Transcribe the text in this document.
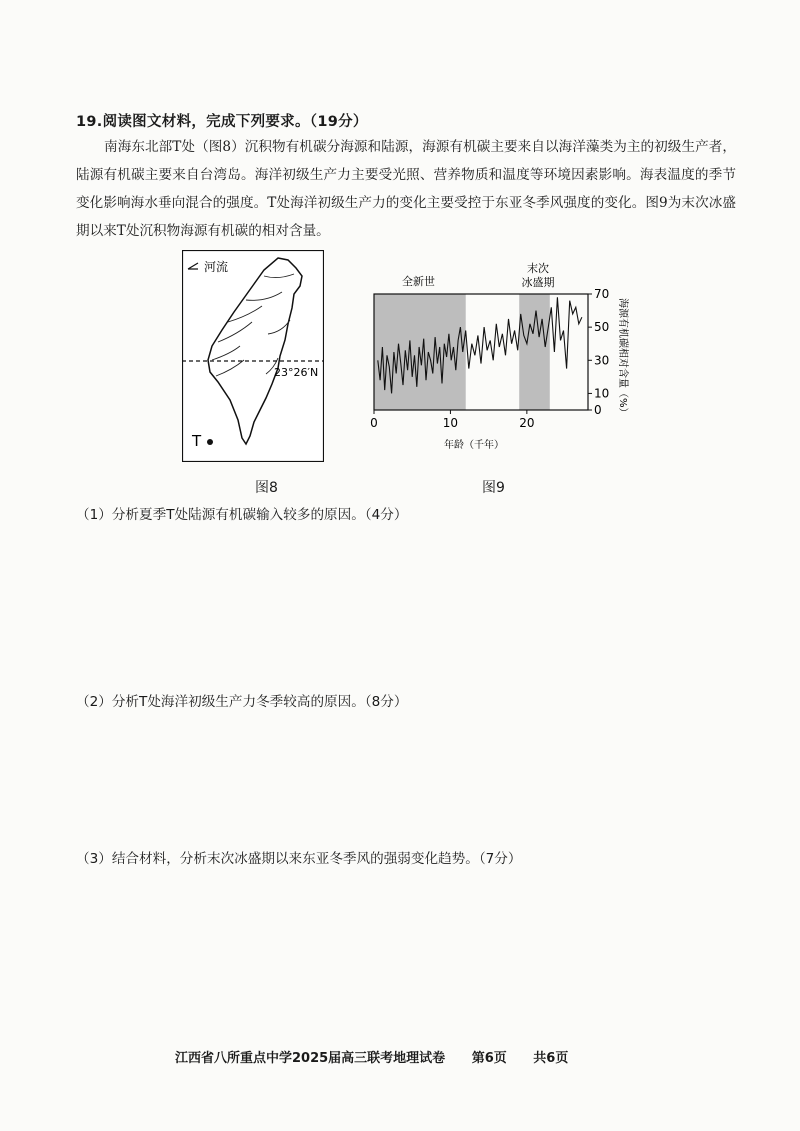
19.阅读图文材料，完成下列要求。（19分）
南海东北部T处（图8）沉积物有机碳分海源和陆源，海源有机碳主要来自以海洋藻类为主的初级生产者，陆源有机碳主要来自台湾岛。海洋初级生产力主要受光照、营养物质和温度等环境因素影响。海表温度的季节变化影响海水垂向混合的强度。T处海洋初级生产力的变化主要受控于东亚冬季风强度的变化。图9为末次冰盛期以来T处沉积物海源有机碳的相对含量。
河流
23°26′N
T
全新世
末次
冰盛期
0	10	20
70
50
30
10
0
年龄（千年）
海源有机碳相对含量（%）
图8	图9
（1）分析夏季T处陆源有机碳输入较多的原因。（4分）
（2）分析T处海洋初级生产力冬季较高的原因。（8分）
（3）结合材料，分析末次冰盛期以来东亚冬季风的强弱变化趋势。（7分）
江西省八所重点中学2025届高三联考地理试卷 第6页 共6页
